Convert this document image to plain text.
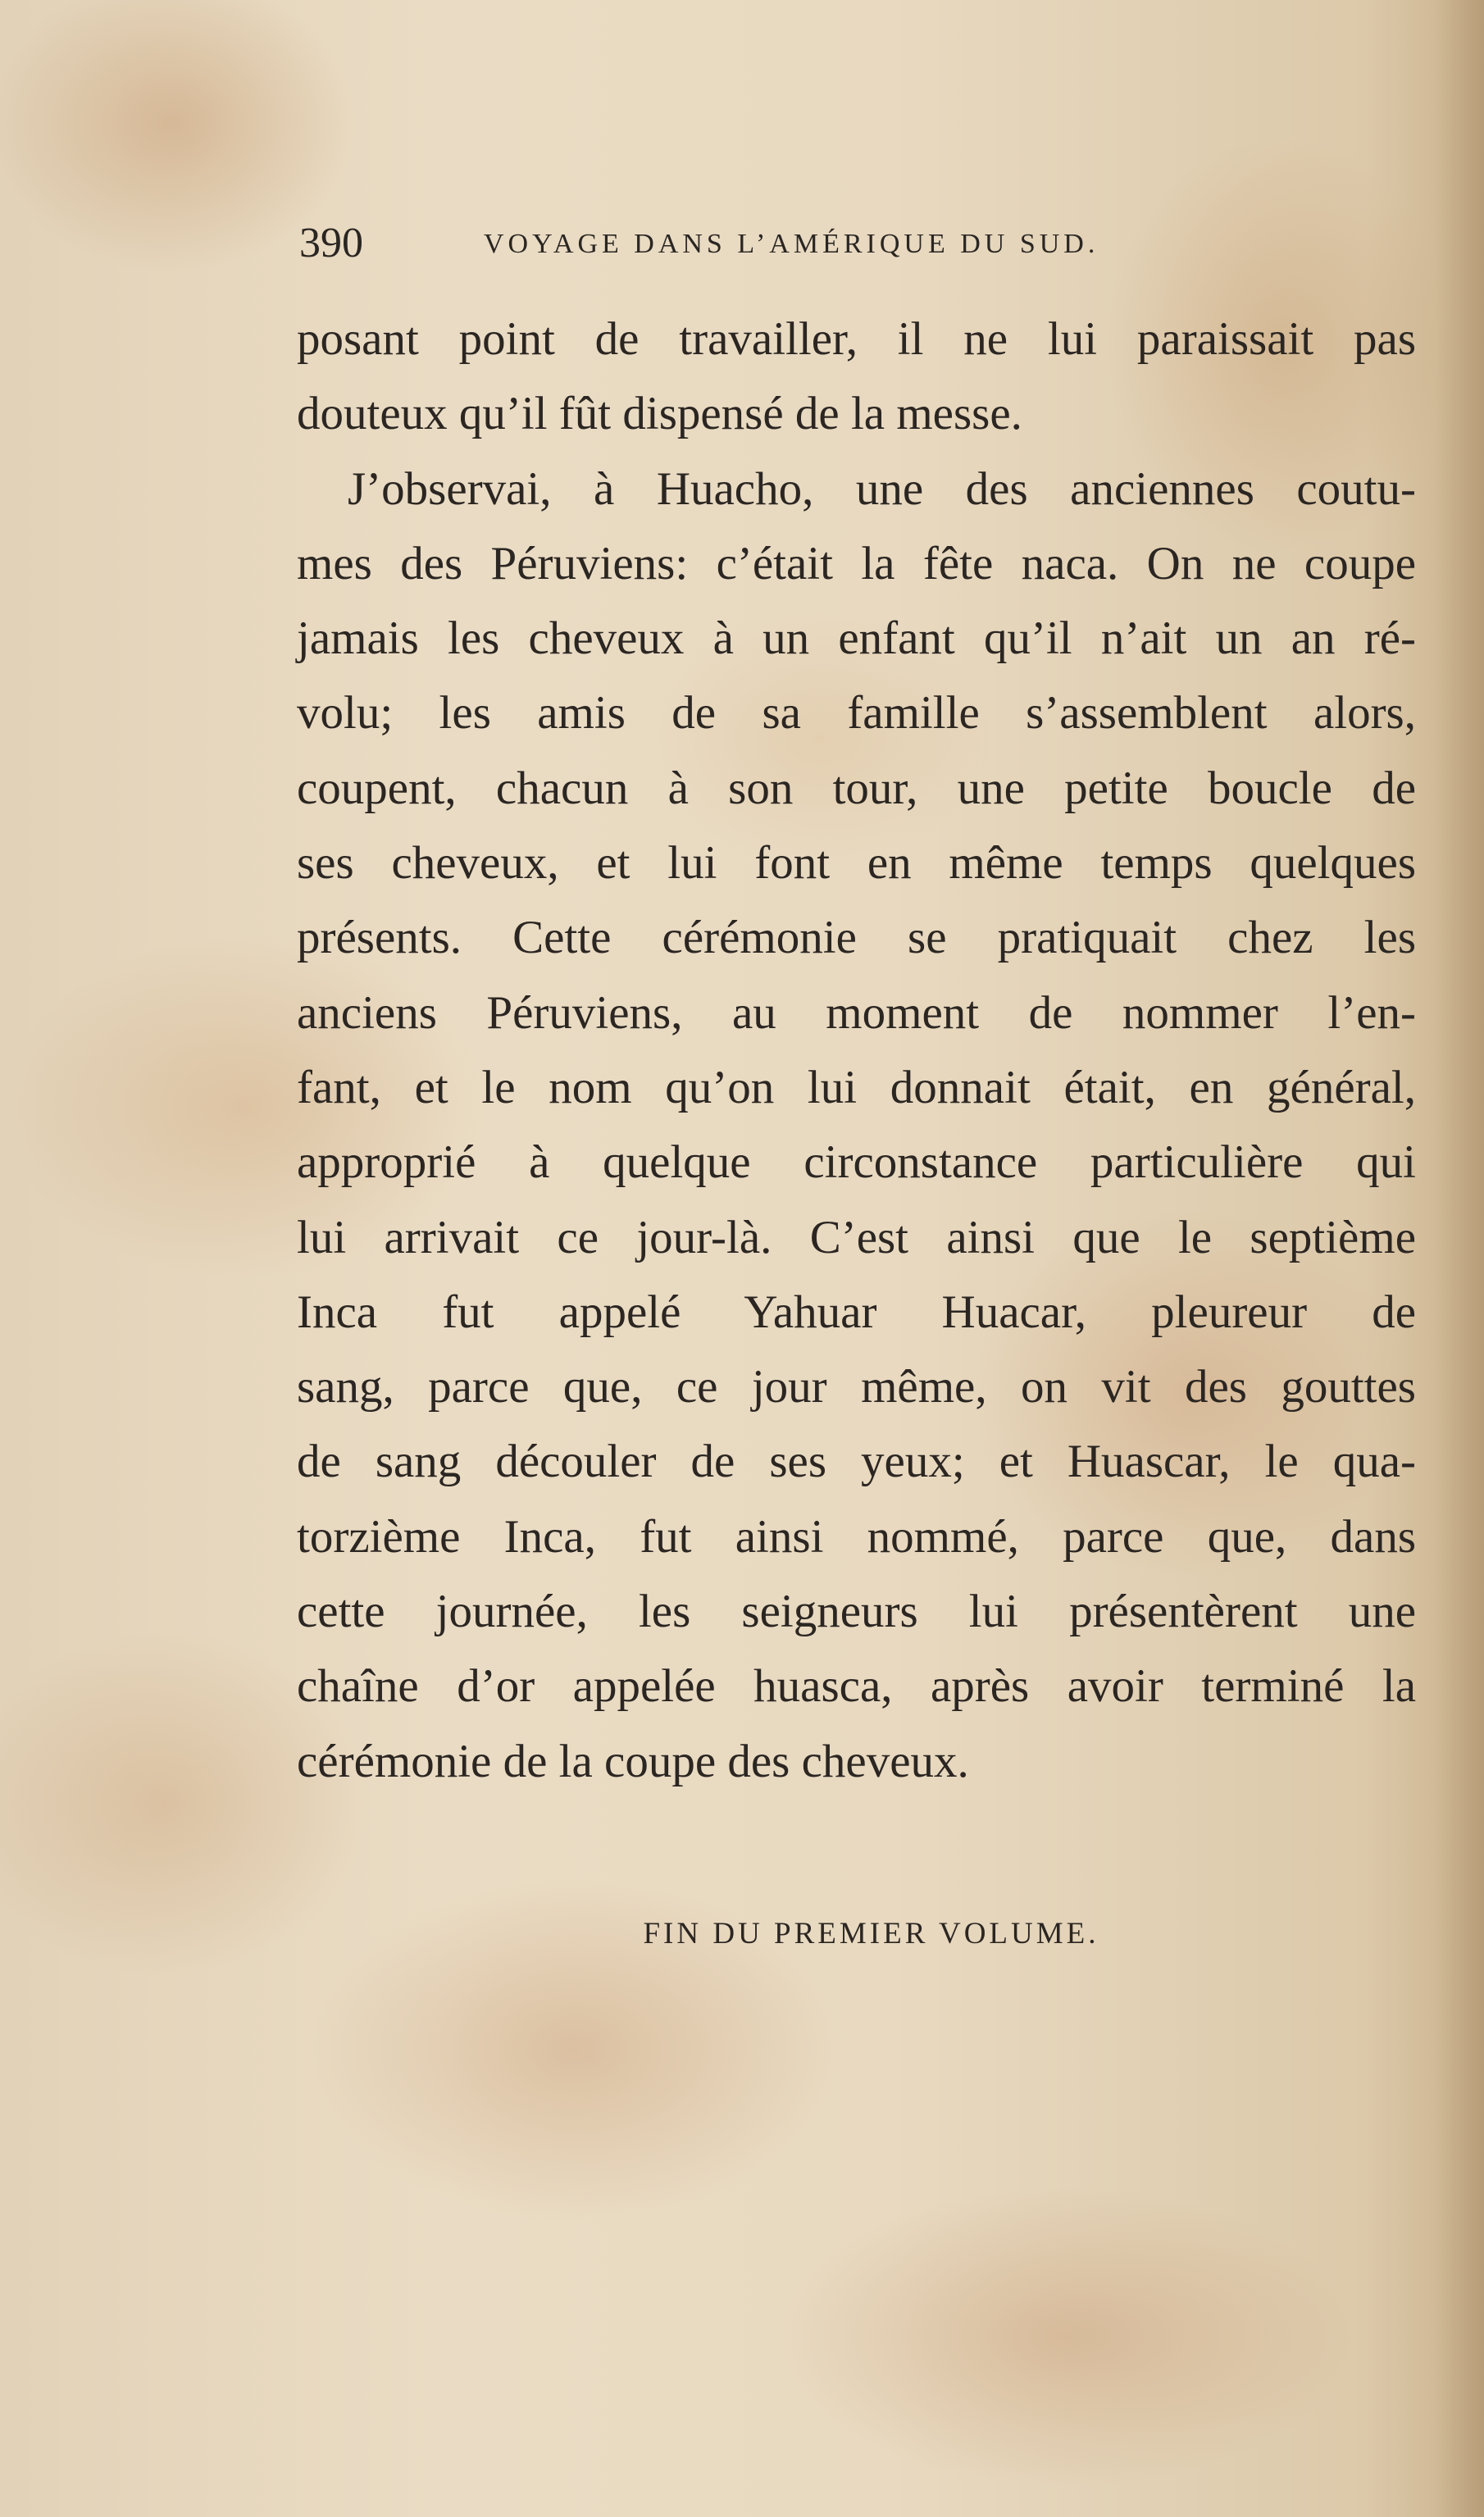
390	VOYAGE DANS L’AMÉRIQUE DU SUD.
posant point de travailler, il ne lui paraissait pas
douteux qu’il fût dispensé de la messe.
J’observai, à Huacho, une des anciennes coutu-
mes des Péruviens: c’était la fête naca. On ne coupe
jamais les cheveux à un enfant qu’il n’ait un an ré-
volu; les amis de sa famille s’assemblent alors,
coupent, chacun à son tour, une petite boucle de
ses cheveux, et lui font en même temps quelques
présents. Cette cérémonie se pratiquait chez les
anciens Péruviens, au moment de nommer l’en-
fant, et le nom qu’on lui donnait était, en général,
approprié à quelque circonstance particulière qui
lui arrivait ce jour-là. C’est ainsi que le septième
Inca fut appelé Yahuar Huacar, pleureur de
sang, parce que, ce jour même, on vit des gouttes
de sang découler de ses yeux; et Huascar, le qua-
torzième Inca, fut ainsi nommé, parce que, dans
cette journée, les seigneurs lui présentèrent une
chaîne d’or appelée huasca, après avoir terminé la
cérémonie de la coupe des cheveux.
FIN DU PREMIER VOLUME.
